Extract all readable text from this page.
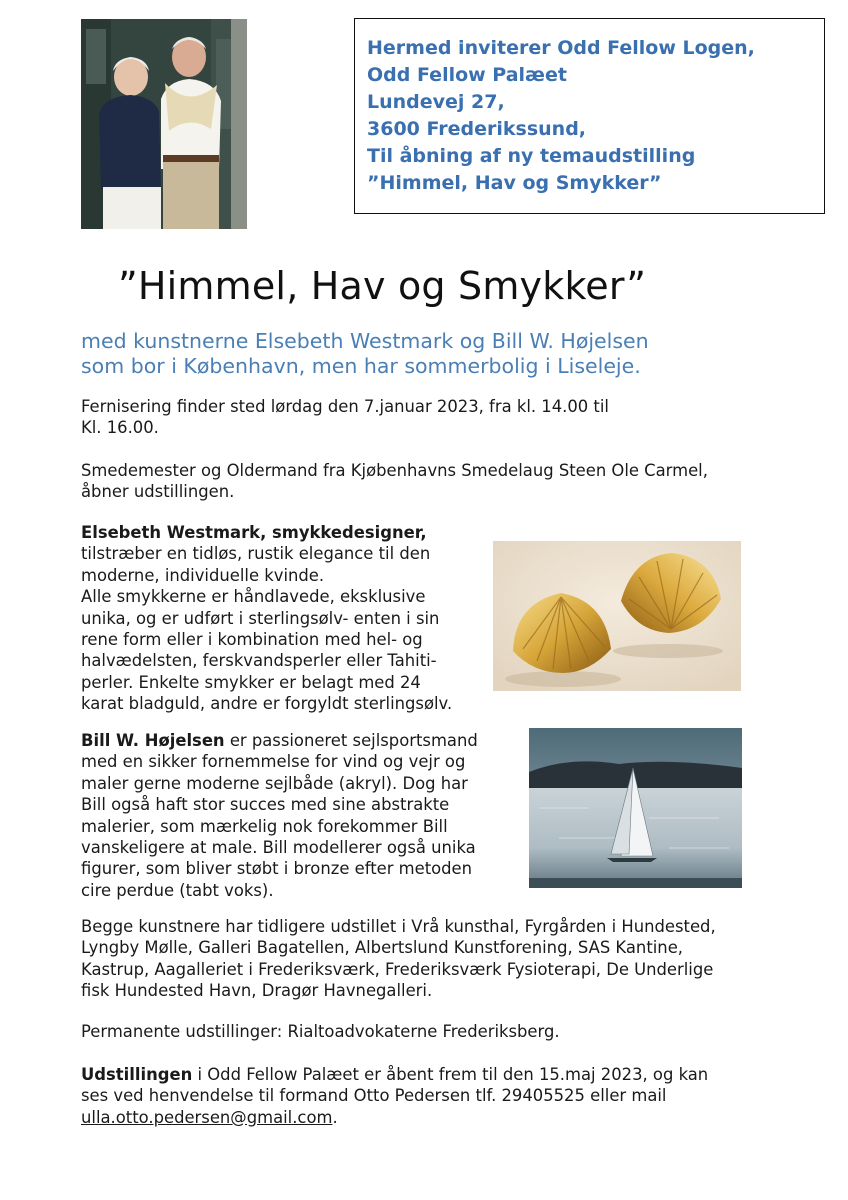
Hermed inviterer Odd Fellow Logen,

Odd Fellow Palæet

Lundevej 27,

3600 Frederikssund,

Til åbning af ny temaudstilling

”Himmel, Hav og Smykker”

”Himmel, Hav og Smykker”
med kunstnerne Elsebeth Westmark og Bill W. Højelsen
som bor i København, men har sommerbolig i Liseleje.
Fernisering finder sted lørdag den 7.januar 2023, fra kl. 14.00 til
Kl. 16.00.
Smedemester og Oldermand fra Kjøbenhavns Smedelaug Steen Ole Carmel,
åbner udstillingen.
Elsebeth Westmark, smykkedesigner,
tilstræber en tidløs, rustik elegance til den
moderne, individuelle kvinde.
Alle smykkerne er håndlavede, eksklusive
unika, og er udført i sterlingsølv- enten i sin
rene form eller i kombination med hel- og
halvædelsten, ferskvandsperler eller Tahiti-
perler. Enkelte smykker er belagt med 24
karat bladguld, andre er forgyldt sterlingsølv.
Bill W. Højelsen er passioneret sejlsportsmand
med en sikker fornemmelse for vind og vejr og
maler gerne moderne sejlbåde (akryl). Dog har
Bill også haft stor succes med sine abstrakte
malerier, som mærkelig nok forekommer Bill
vanskeligere at male. Bill modellerer også unika
figurer, som bliver støbt i bronze efter metoden
cire perdue (tabt voks).
Begge kunstnere har tidligere udstillet i Vrå kunsthal, Fyrgården i Hundested,
Lyngby Mølle, Galleri Bagatellen, Albertslund Kunstforening, SAS Kantine,
Kastrup, Aagalleriet i Frederiksværk, Frederiksværk Fysioterapi, De Underlige
fisk Hundested Havn, Dragør Havnegalleri.
Permanente udstillinger: Rialtoadvokaterne Frederiksberg.
Udstillingen i Odd Fellow Palæet er åbent frem til den 15.maj 2023, og kan
ses ved henvendelse til formand Otto Pedersen tlf. 29405525 eller mail
ulla.otto.pedersen@gmail.com.
